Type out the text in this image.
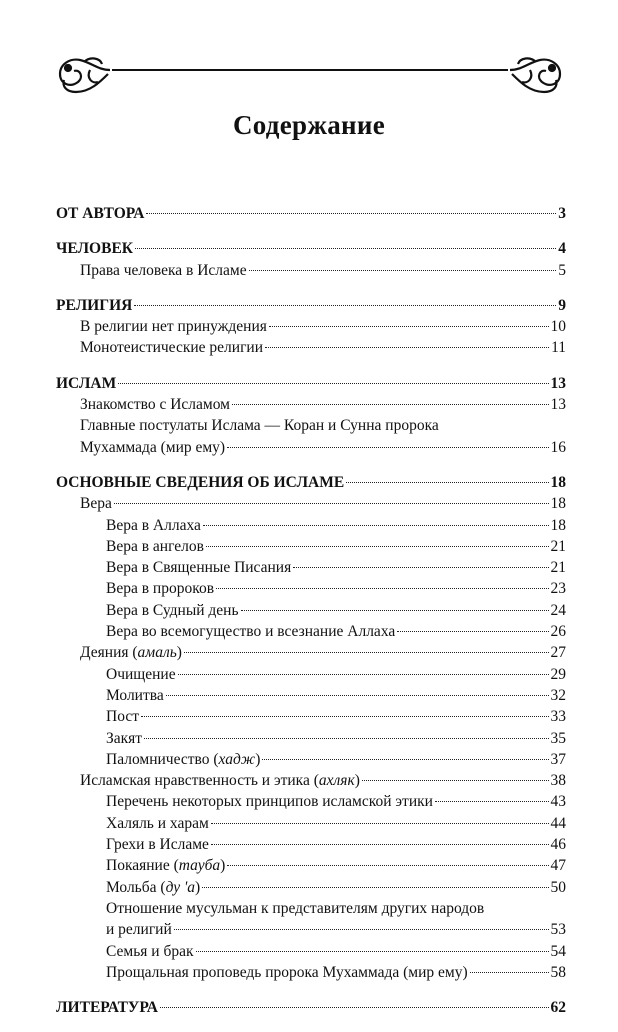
Содержание
ОТ АВТОРА	3
ЧЕЛОВЕК	4
Права человека в Исламе	5
РЕЛИГИЯ	9
В религии нет принуждения	10
Монотеистические религии	11
ИСЛАМ	13
Знакомство с Исламом	13
Главные постулаты Ислама — Коран и Сунна пророка
Мухаммада (мир ему)	16
ОСНОВНЫЕ СВЕДЕНИЯ ОБ ИСЛАМЕ	18
Вера	18
Вера в Аллаха	18
Вера в ангелов	21
Вера в Священные Писания	21
Вера в пророков	23
Вера в Судный день	24
Вера во всемогущество и всезнание Аллаха	26
Деяния (амаль)	27
Очищение	29
Молитва	32
Пост	33
Закят	35
Паломничество (хадж)	37
Исламская нравственность и этика (ахляк)	38
Перечень некоторых принципов исламской этики	43
Халяль и харам	44
Грехи в Исламе	46
Покаяние (тауба)	47
Мольба (ду 'а)	50
Отношение мусульман к представителям других народов
и религий	53
Семья и брак	54
Прощальная проповедь пророка Мухаммада (мир ему)	58
ЛИТЕРАТУРА	62
